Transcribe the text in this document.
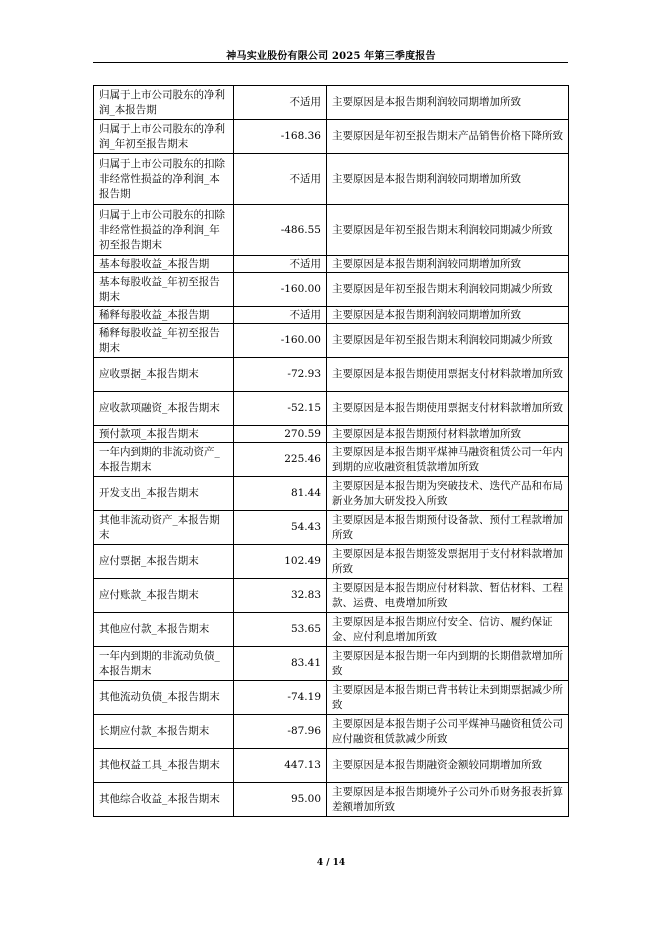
神马实业股份有限公司 2025 年第三季度报告
归属于上市公司股东的净利润_本报告期	不适用	主要原因是本报告期利润较同期增加所致
归属于上市公司股东的净利润_年初至报告期末	-168.36	主要原因是年初至报告期末产品销售价格下降所致
归属于上市公司股东的扣除非经常性损益的净利润_本报告期	不适用	主要原因是本报告期利润较同期增加所致
归属于上市公司股东的扣除非经常性损益的净利润_年初至报告期末	-486.55	主要原因是年初至报告期末利润较同期减少所致
基本每股收益_本报告期	不适用	主要原因是本报告期利润较同期增加所致
基本每股收益_年初至报告期末	-160.00	主要原因是年初至报告期末利润较同期减少所致
稀释每股收益_本报告期	不适用	主要原因是本报告期利润较同期增加所致
稀释每股收益_年初至报告期末	-160.00	主要原因是年初至报告期末利润较同期减少所致
应收票据_本报告期末	-72.93	主要原因是本报告期使用票据支付材料款增加所致
应收款项融资_本报告期末	-52.15	主要原因是本报告期使用票据支付材料款增加所致
预付款项_本报告期末	270.59	主要原因是本报告期预付材料款增加所致
一年内到期的非流动资产_本报告期末	225.46	主要原因是本报告期平煤神马融资租赁公司一年内到期的应收融资租赁款增加所致
开发支出_本报告期末	81.44	主要原因是本报告期为突破技术、迭代产品和布局新业务加大研发投入所致
其他非流动资产_本报告期末	54.43	主要原因是本报告期预付设备款、预付工程款增加所致
应付票据_本报告期末	102.49	主要原因是本报告期签发票据用于支付材料款增加所致
应付账款_本报告期末	32.83	主要原因是本报告期应付材料款、暂估材料、工程款、运费、电费增加所致
其他应付款_本报告期末	53.65	主要原因是本报告期应付安全、信访、履约保证金、应付利息增加所致
一年内到期的非流动负债_本报告期末	83.41	主要原因是本报告期一年内到期的长期借款增加所致
其他流动负债_本报告期末	-74.19	主要原因是本报告期已背书转让未到期票据减少所致
长期应付款_本报告期末	-87.96	主要原因是本报告期子公司平煤神马融资租赁公司应付融资租赁款减少所致
其他权益工具_本报告期末	447.13	主要原因是本报告期融资金额较同期增加所致
其他综合收益_本报告期末	95.00	主要原因是本报告期境外子公司外币财务报表折算差额增加所致
4 / 14
